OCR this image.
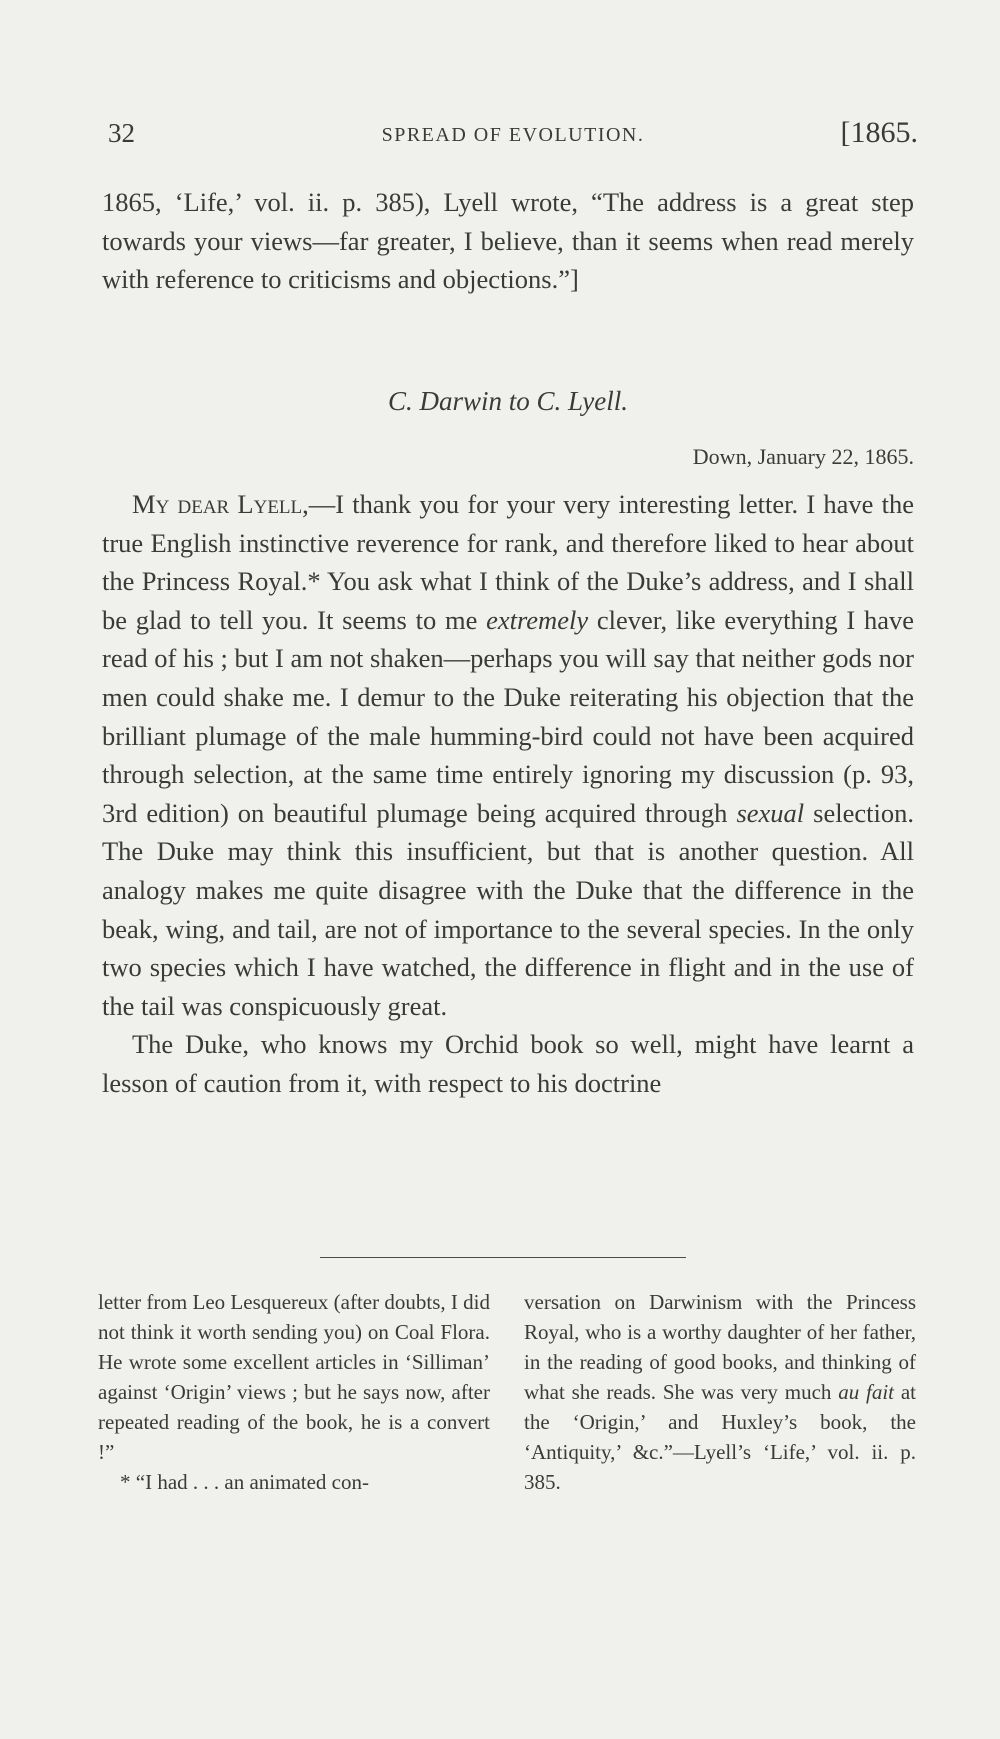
32	SPREAD OF EVOLUTION.	[1865.

1865, ‘Life,’ vol. ii. p. 385), Lyell wrote, “The address is a great step towards your views—far greater, I believe, than it seems when read merely with reference to criticisms and objections.”]

C. Darwin to C. Lyell.
Down, January 22, 1865.

My dear Lyell,—I thank you for your very interesting letter. I have the true English instinctive reverence for rank, and therefore liked to hear about the Princess Royal.* You ask what I think of the Duke’s address, and I shall be glad to tell you. It seems to me extremely clever, like everything I have read of his ; but I am not shaken—perhaps you will say that neither gods nor men could shake me. I demur to the Duke reiterating his objection that the brilliant plumage of the male humming-bird could not have been acquired through selection, at the same time entirely ignoring my discussion (p. 93, 3rd edition) on beautiful plumage being acquired through sexual selection. The Duke may think this insufficient, but that is another question. All analogy makes me quite disagree with the Duke that the difference in the beak, wing, and tail, are not of importance to the several species. In the only two species which I have watched, the difference in flight and in the use of the tail was conspicuously great.

The Duke, who knows my Orchid book so well, might have learnt a lesson of caution from it, with respect to his doctrine

letter from Leo Lesquereux (after doubts, I did not think it worth sending you) on Coal Flora. He wrote some excellent articles in ‘Silliman’ against ‘Origin’ views ; but he says now, after repeated reading of the book, he is a convert !”

* “I had . . . an animated con-

versation on Darwinism with the Princess Royal, who is a worthy daughter of her father, in the reading of good books, and thinking of what she reads. She was very much au fait at the ‘Origin,’ and Huxley’s book, the ‘Antiquity,’ &c.”—Lyell’s ‘Life,’ vol. ii. p. 385.
